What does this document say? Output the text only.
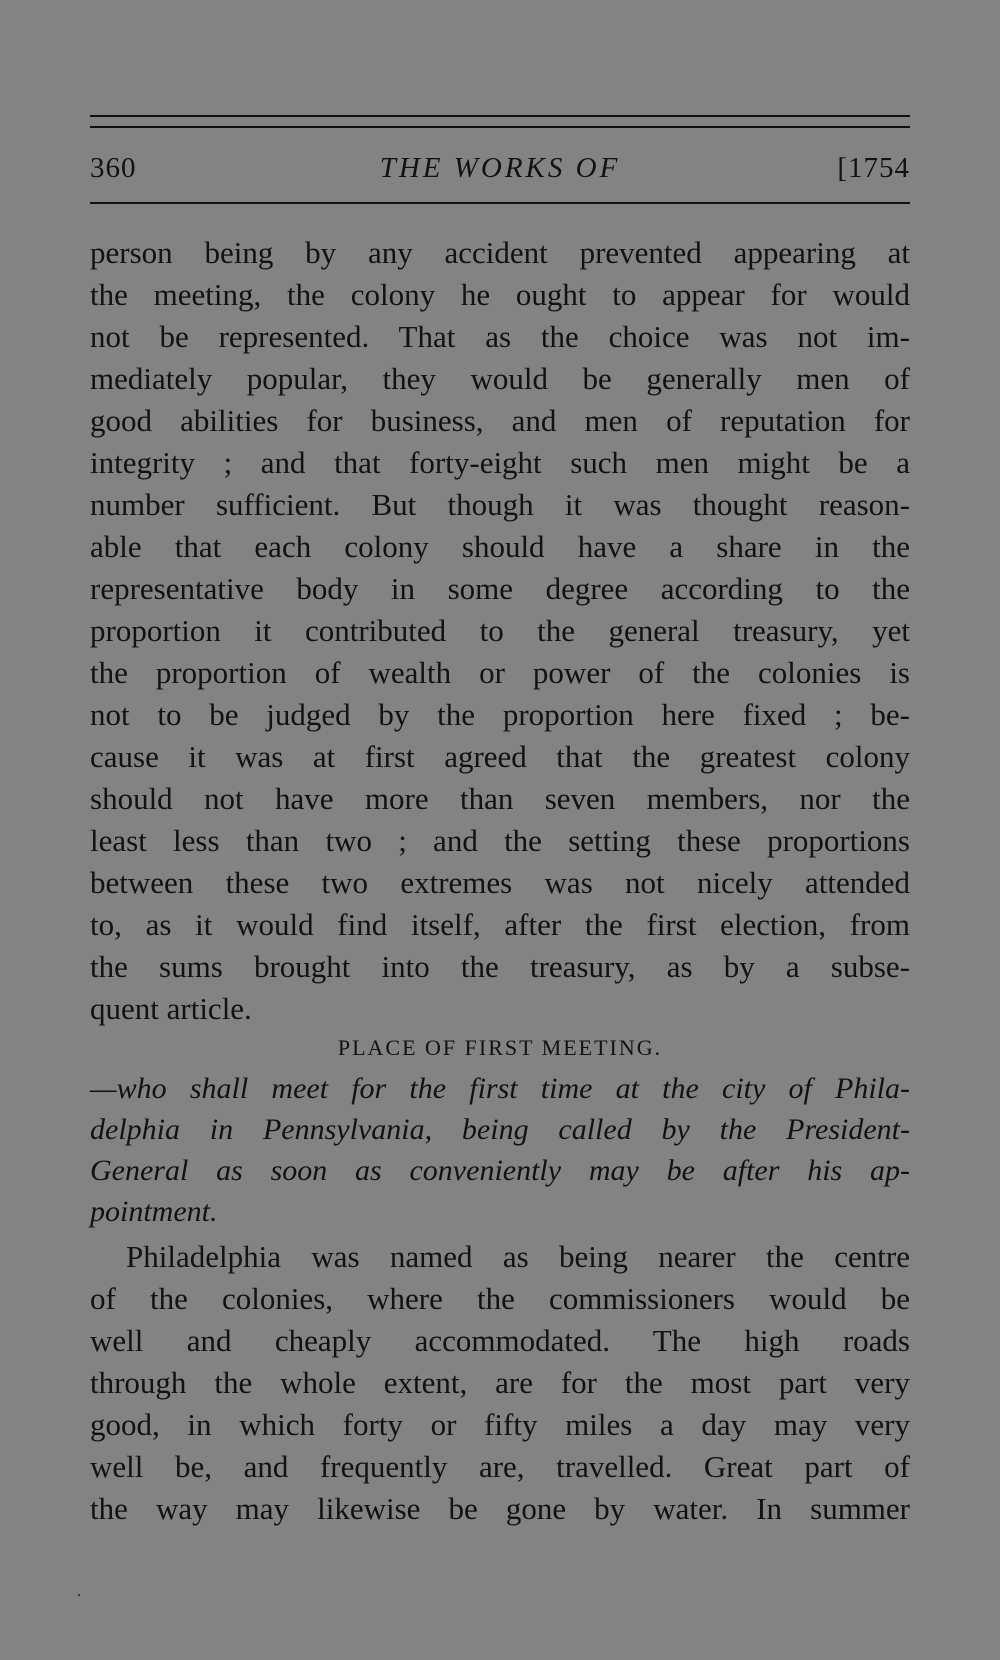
360	THE WORKS OF	[1754
person being by any accident prevented appearing at
the meeting, the colony he ought to appear for would
not be represented. That as the choice was not im-
mediately popular, they would be generally men of
good abilities for business, and men of reputation for
integrity ; and that forty-eight such men might be a
number sufficient. But though it was thought reason-
able that each colony should have a share in the
representative body in some degree according to the
proportion it contributed to the general treasury, yet
the proportion of wealth or power of the colonies is
not to be judged by the proportion here fixed ; be-
cause it was at first agreed that the greatest colony
should not have more than seven members, nor the
least less than two ; and the setting these proportions
between these two extremes was not nicely attended
to, as it would find itself, after the first election, from
the sums brought into the treasury, as by a subse-
quent article.
PLACE OF FIRST MEETING.
—who shall meet for the first time at the city of Phila-
delphia in Pennsylvania, being called by the President-
General as soon as conveniently may be after his ap-
pointment.
Philadelphia was named as being nearer the centre
of the colonies, where the commissioners would be
well and cheaply accommodated. The high roads
through the whole extent, are for the most part very
good, in which forty or fifty miles a day may very
well be, and frequently are, travelled. Great part of
the way may likewise be gone by water. In summer
